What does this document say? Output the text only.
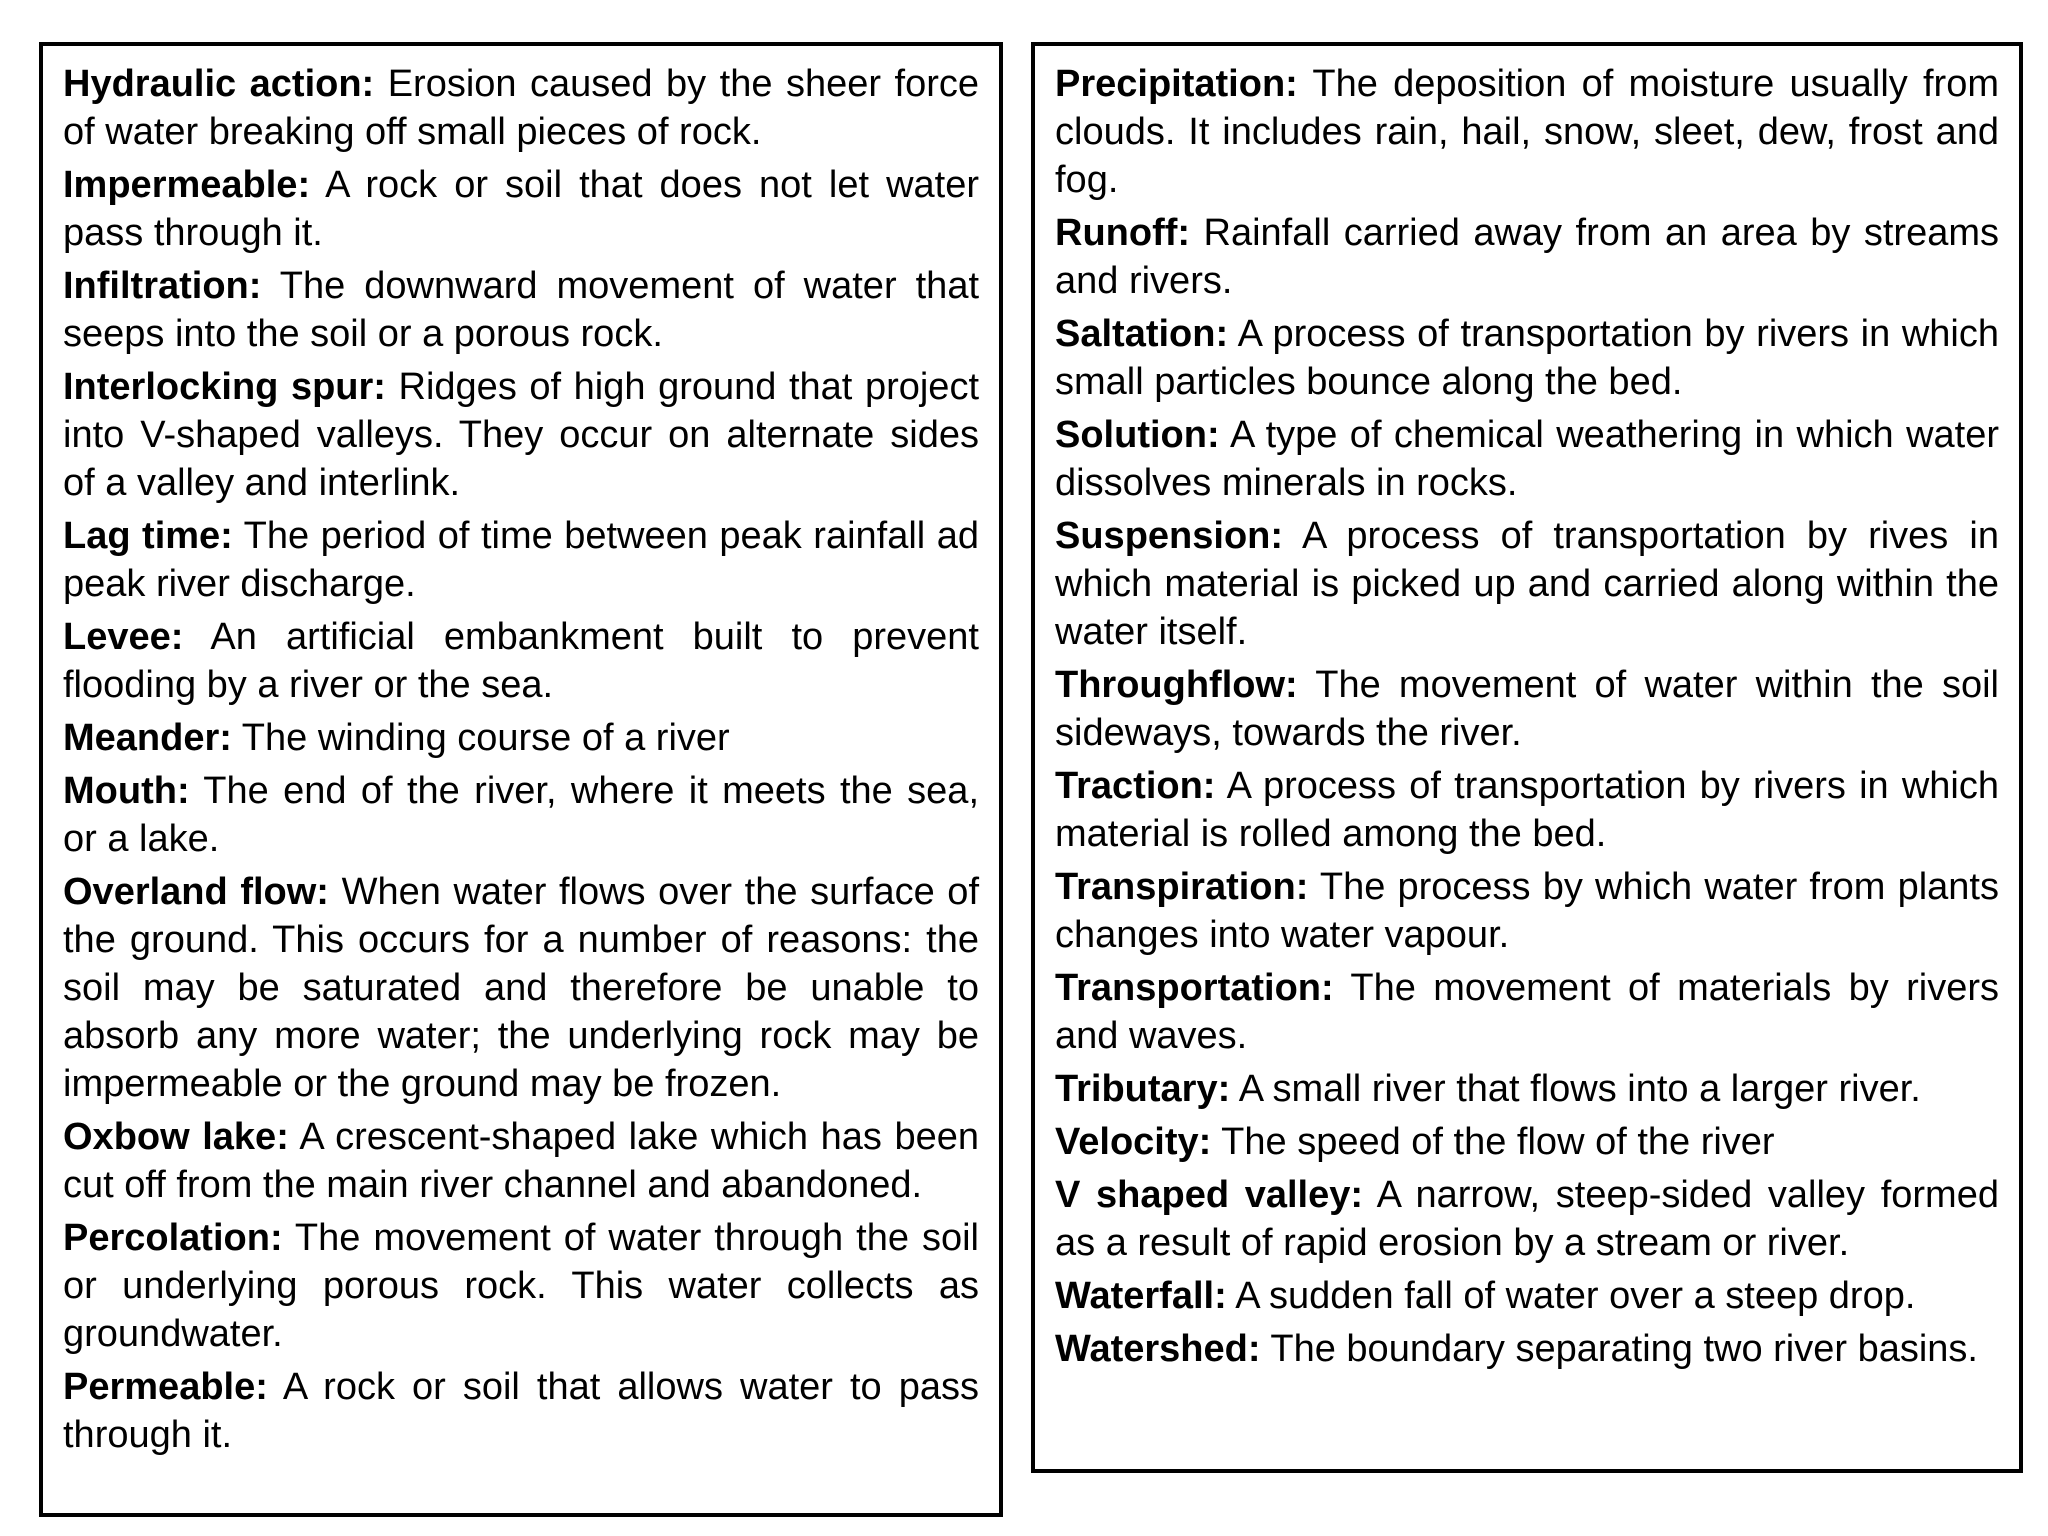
Hydraulic action: Erosion caused by the sheer force of water breaking off small pieces of rock.

Impermeable: A rock or soil that does not let water pass through it.

Infiltration: The downward movement of water that seeps into the soil or a porous rock.

Interlocking spur: Ridges of high ground that project into V-shaped valleys. They occur on alternate sides of a valley and interlink.

Lag time: The period of time between peak rainfall ad peak river discharge.

Levee: An artificial embankment built to prevent flooding by a river or the sea.

Meander: The winding course of a river

Mouth: The end of the river, where it meets the sea, or a lake.

Overland flow: When water flows over the surface of the ground. This occurs for a number of reasons: the soil may be saturated and therefore be unable to absorb any more water; the underlying rock may be impermeable or the ground may be frozen.

Oxbow lake: A crescent-shaped lake which has been cut off from the main river channel and abandoned.

Percolation: The movement of water through the soil or underlying porous rock. This water collects as groundwater.

Permeable: A rock or soil that allows water to pass through it.

Precipitation: The deposition of moisture usually from clouds. It includes rain, hail, snow, sleet, dew, frost and fog.

Runoff: Rainfall carried away from an area by streams and rivers.

Saltation: A process of transportation by rivers in which small particles bounce along the bed.

Solution: A type of chemical weathering in which water dissolves minerals in rocks.

Suspension: A process of transportation by rives in which material is picked up and carried along within the water itself.

Throughflow: The movement of water within the soil sideways, towards the river.

Traction: A process of transportation by rivers in which material is rolled among the bed.

Transpiration: The process by which water from plants changes into water vapour.

Transportation: The movement of materials by rivers and waves.

Tributary: A small river that flows into a larger river.

Velocity: The speed of the flow of the river

V shaped valley: A narrow, steep-sided valley formed as a result of rapid erosion by a stream or river.

Waterfall: A sudden fall of water over a steep drop.

Watershed: The boundary separating two river basins.
